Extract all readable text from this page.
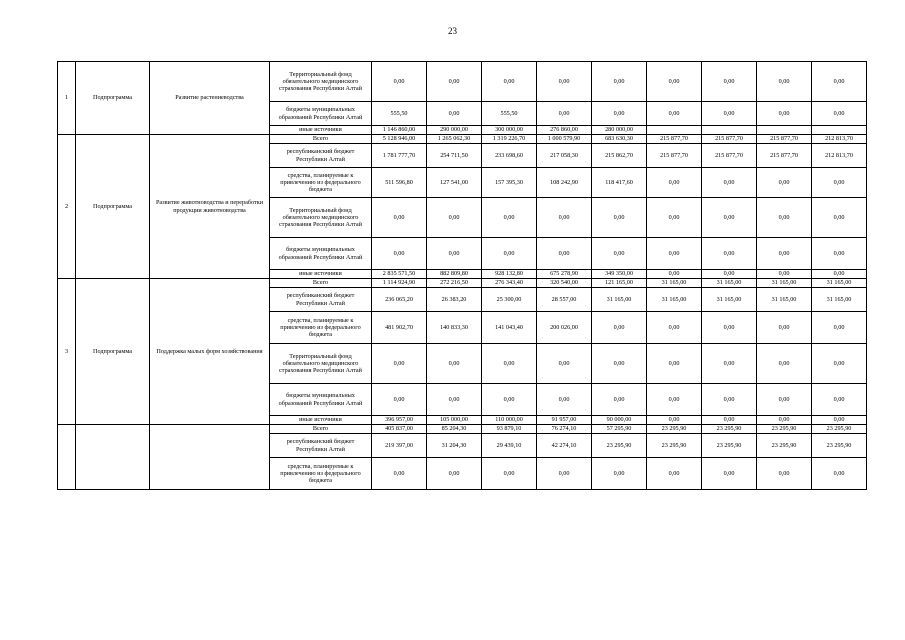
23
1	Подпрограмма	Развитие растениеводства	Территориальный фонд обязательного медицинского страхования Республики Алтай	0,00	0,00	0,00	0,00	0,00	0,00	0,00	0,00	0,00
			бюджеты муниципальных образований Республики Алтай	555,50	0,00	555,50	0,00	0,00	0,00	0,00	0,00	0,00
			иные источники	1 146 860,00	290 000,00	300 000,00	276 860,00	280 000,00				
2	Подпрограмма	Развитие животноводства и переработки продукции животноводства	Всего	5 128 946,00	1 265 062,30	1 319 226,70	1 000 579,90	683 630,30	215 877,70	215 877,70	215 877,70	212 813,70
			республиканский бюджет Республики Алтай	1 781 777,70	254 711,50	233 698,60	217 058,30	215 862,70	215 877,70	215 877,70	215 877,70	212 813,70
			средства, планируемые к привлечению из федерального бюджета	511 596,80	127 541,00	157 395,30	108 242,90	118 417,60	0,00	0,00	0,00	0,00
			Территориальный фонд обязательного медицинского страхования Республики Алтай	0,00	0,00	0,00	0,00	0,00	0,00	0,00	0,00	0,00
			бюджеты муниципальных образований Республики Алтай	0,00	0,00	0,00	0,00	0,00	0,00	0,00	0,00	0,00
			иные источники	2 835 571,50	882 809,80	928 132,80	675 278,90	349 350,00	0,00	0,00	0,00	0,00
3	Подпрограмма	Поддержка малых форм хозяйствования	Всего	1 114 924,90	272 216,50	276 343,40	320 540,00	121 165,00	31 165,00	31 165,00	31 165,00	31 165,00
			республиканский бюджет Республики Алтай	236 065,20	26 383,20	25 300,00	28 557,00	31 165,00	31 165,00	31 165,00	31 165,00	31 165,00
			средства, планируемые к привлечению из федерального бюджета	481 902,70	140 833,30	141 043,40	200 026,00	0,00	0,00	0,00	0,00	0,00
			Территориальный фонд обязательного медицинского страхования Республики Алтай	0,00	0,00	0,00	0,00	0,00	0,00	0,00	0,00	0,00
			бюджеты муниципальных образований Республики Алтай	0,00	0,00	0,00	0,00	0,00	0,00	0,00	0,00	0,00
			иные источники	396 957,00	105 000,00	110 000,00	91 957,00	90 000,00	0,00	0,00	0,00	0,00
			Всего	405 837,00	85 204,30	93 879,10	76 274,10	57 295,90	23 295,90	23 295,90	23 295,90	23 295,90
			республиканский бюджет Республики Алтай	219 397,00	31 204,30	29 439,10	42 274,10	23 295,90	23 295,90	23 295,90	23 295,90	23 295,90
			средства, планируемые к привлечению из федерального бюджета	0,00	0,00	0,00	0,00	0,00	0,00	0,00	0,00	0,00
